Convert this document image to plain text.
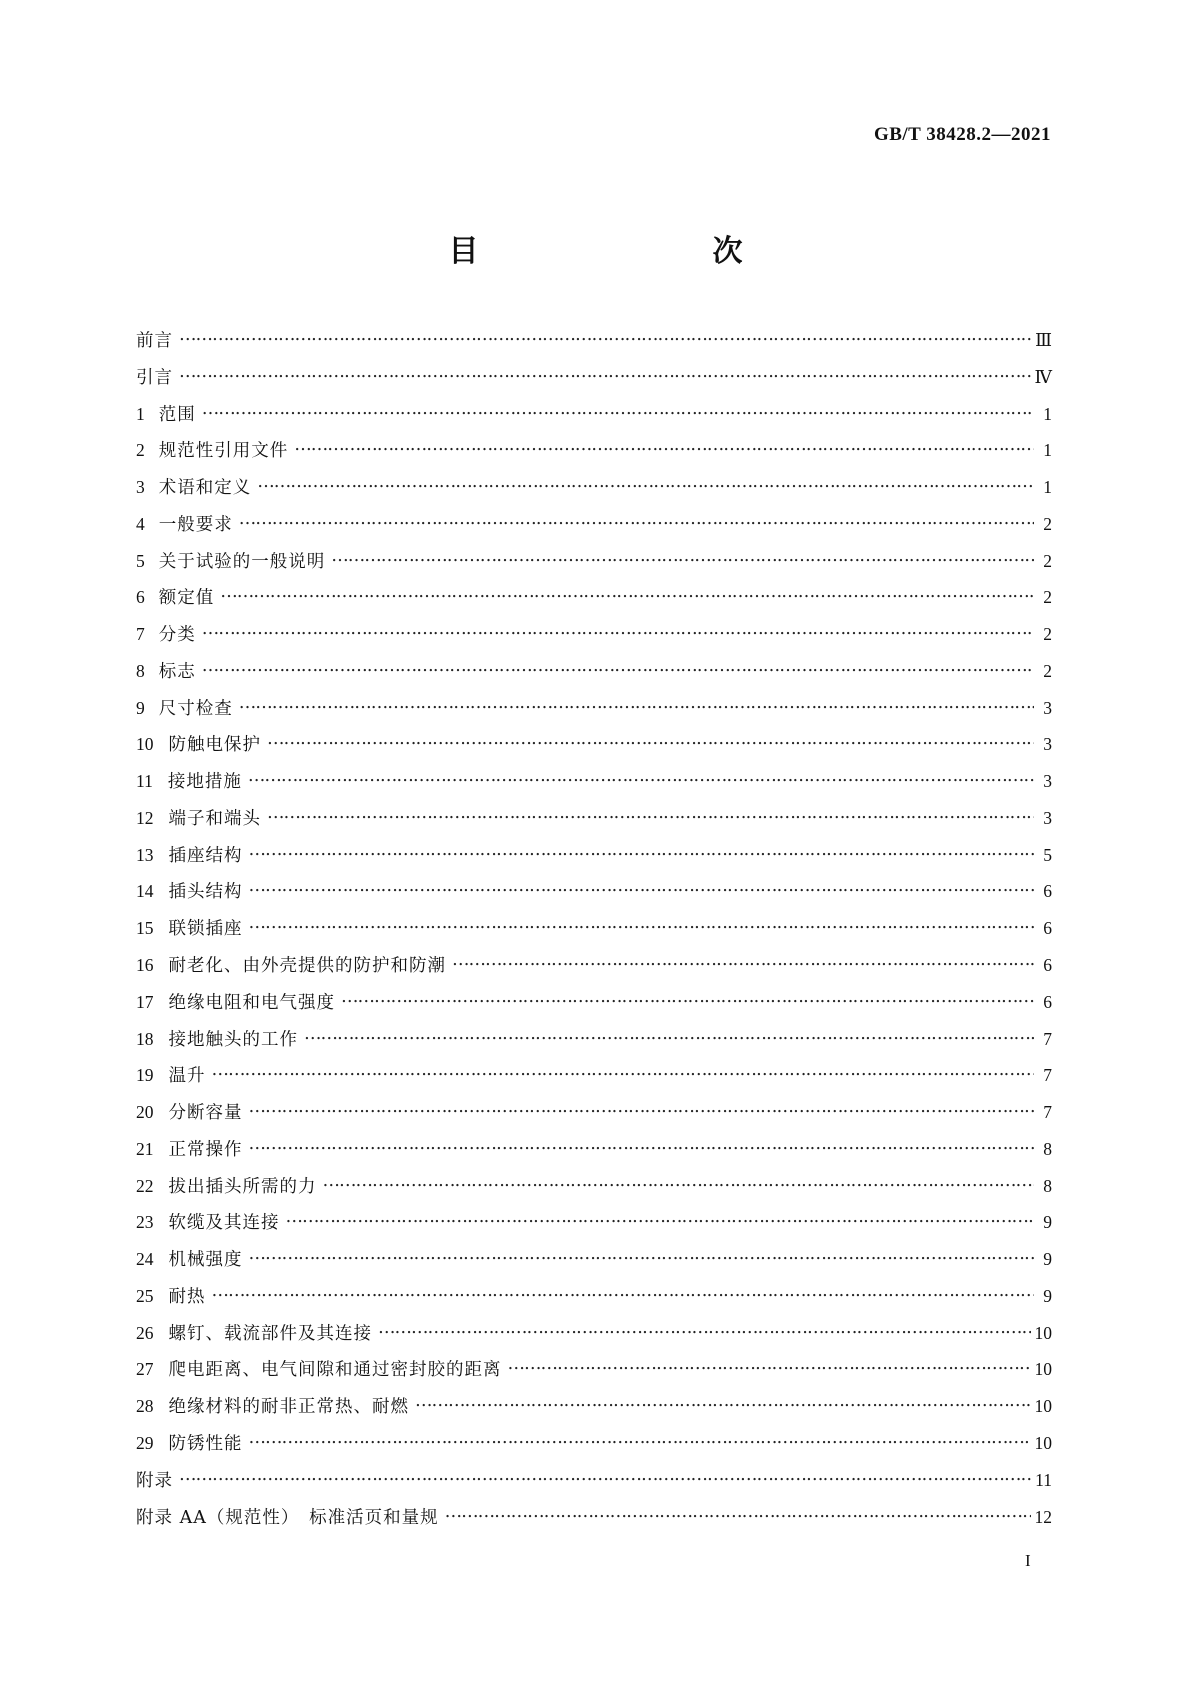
GB/T 38428.2—2021
目　　次
前言 ……………………………………………………………………………………………………………………………………………………………………………………………………………………………	Ⅲ
引言 ……………………………………………………………………………………………………………………………………………………………………………………………………………………………	Ⅳ
1 范围 ……………………………………………………………………………………………………………………………………………………………………………………………………………………………	1
2 规范性引用文件 ……………………………………………………………………………………………………………………………………………………………………………………………………………………………	1
3 术语和定义 ……………………………………………………………………………………………………………………………………………………………………………………………………………………………	1
4 一般要求 ……………………………………………………………………………………………………………………………………………………………………………………………………………………………	2
5 关于试验的一般说明 ……………………………………………………………………………………………………………………………………………………………………………………………………………………………	2
6 额定值 ……………………………………………………………………………………………………………………………………………………………………………………………………………………………	2
7 分类 ……………………………………………………………………………………………………………………………………………………………………………………………………………………………	2
8 标志 ……………………………………………………………………………………………………………………………………………………………………………………………………………………………	2
9 尺寸检查 ……………………………………………………………………………………………………………………………………………………………………………………………………………………………	3
10 防触电保护 ……………………………………………………………………………………………………………………………………………………………………………………………………………………………	3
11 接地措施 ……………………………………………………………………………………………………………………………………………………………………………………………………………………………	3
12 端子和端头 ……………………………………………………………………………………………………………………………………………………………………………………………………………………………	3
13 插座结构 ……………………………………………………………………………………………………………………………………………………………………………………………………………………………	5
14 插头结构 ……………………………………………………………………………………………………………………………………………………………………………………………………………………………	6
15 联锁插座 ……………………………………………………………………………………………………………………………………………………………………………………………………………………………	6
16 耐老化、由外壳提供的防护和防潮 ……………………………………………………………………………………………………………………………………………………………………………………………………………………………	6
17 绝缘电阻和电气强度 ……………………………………………………………………………………………………………………………………………………………………………………………………………………………	6
18 接地触头的工作 ……………………………………………………………………………………………………………………………………………………………………………………………………………………………	7
19 温升 ……………………………………………………………………………………………………………………………………………………………………………………………………………………………	7
20 分断容量 ……………………………………………………………………………………………………………………………………………………………………………………………………………………………	7
21 正常操作 ……………………………………………………………………………………………………………………………………………………………………………………………………………………………	8
22 拔出插头所需的力 ……………………………………………………………………………………………………………………………………………………………………………………………………………………………	8
23 软缆及其连接 ……………………………………………………………………………………………………………………………………………………………………………………………………………………………	9
24 机械强度 ……………………………………………………………………………………………………………………………………………………………………………………………………………………………	9
25 耐热 ……………………………………………………………………………………………………………………………………………………………………………………………………………………………	9
26 螺钉、载流部件及其连接 ……………………………………………………………………………………………………………………………………………………………………………………………………………………………	10
27 爬电距离、电气间隙和通过密封胶的距离 ……………………………………………………………………………………………………………………………………………………………………………………………………………………………	10
28 绝缘材料的耐非正常热、耐燃 ……………………………………………………………………………………………………………………………………………………………………………………………………………………………	10
29 防锈性能 ……………………………………………………………………………………………………………………………………………………………………………………………………………………………	10
附录 ……………………………………………………………………………………………………………………………………………………………………………………………………………………………	11
附录 AA（规范性）　标准活页和量规 ……………………………………………………………………………………………………………………………………………………………………………………………………………………………	12
I
